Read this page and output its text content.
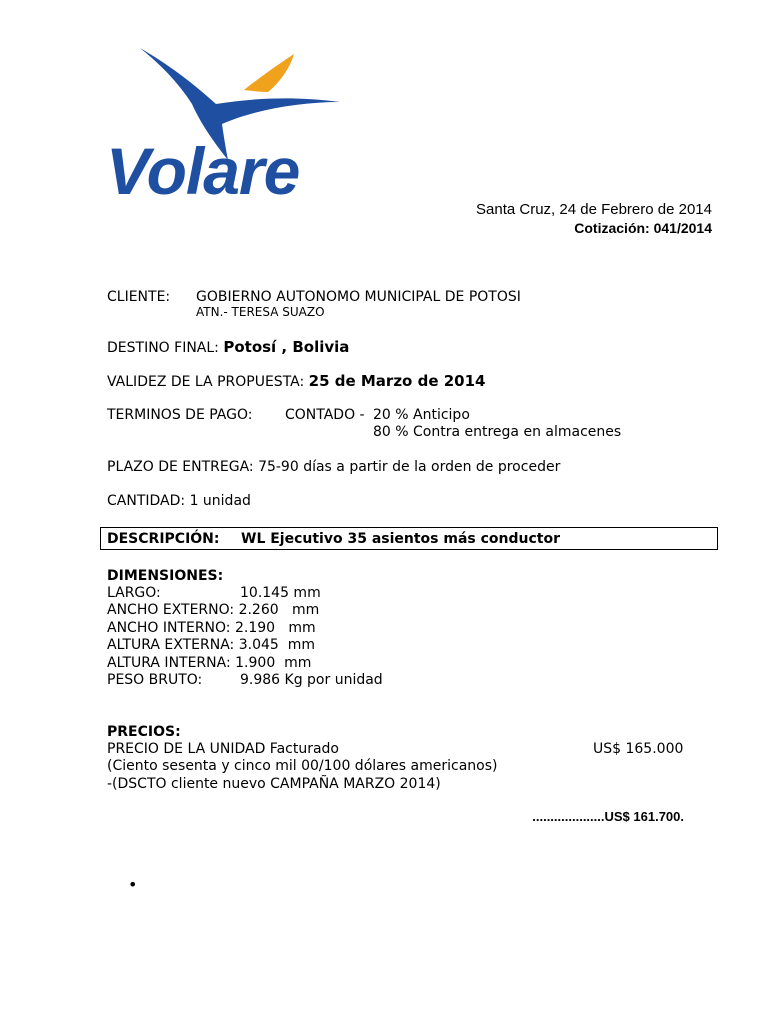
Volare
Santa Cruz, 24 de Febrero de 2014
Cotización: 041/2014
CLIENTE: GOBIERNO AUTONOMO MUNICIPAL DE POTOSI
ATN.- TERESA SUAZO
DESTINO FINAL: Potosí , Bolivia
VALIDEZ DE LA PROPUESTA: 25 de Marzo de 2014
TERMINOS DE PAGO: CONTADO - 20 % Anticipo
80 % Contra entrega en almacenes
PLAZO DE ENTREGA: 75-90 días a partir de la orden de proceder
CANTIDAD: 1 unidad
DESCRIPCIÓN: WL Ejecutivo 35 asientos más conductor
DIMENSIONES:
LARGO:	10.145 mm
ANCHO EXTERNO: 2.260   mm
ANCHO INTERNO: 2.190   mm
ALTURA EXTERNA: 3.045  mm
ALTURA INTERNA: 1.900  mm
PESO BRUTO:	9.986 Kg por unidad
PRECIOS:
PRECIO DE LA UNIDAD Facturado	US$ 165.000
(Ciento sesenta y cinco mil 00/100 dólares americanos)
-(DSCTO cliente nuevo CAMPAÑA MARZO 2014)
....................US$ 161.700.
•
